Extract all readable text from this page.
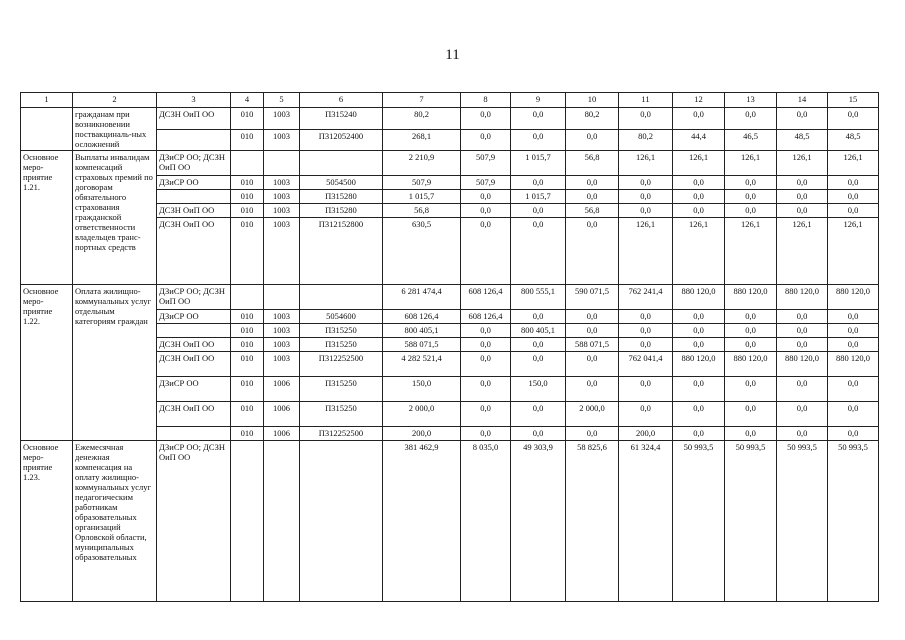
11
1	2	3	4	5	6	7	8	9	10	11	12	13	14	15
	гражданам при возникновении поствакциналь-ных осложнений	ДСЗН ОиП ОО	010	1003	П315240	80,2	0,0	0,0	80,2	0,0	0,0	0,0	0,0	0,0
			010	1003	П312052400	268,1	0,0	0,0	0,0	80,2	44,4	46,5	48,5	48,5
Основное меро-приятие 1.21.	Выплаты инвалидам компенсаций страховых премий по договорам обязательного страхования гражданской ответственности владельцев транс-портных средств	ДЗиСР ОО; ДСЗН ОиП ОО				2 210,9	507,9	1 015,7	56,8	126,1	126,1	126,1	126,1	126,1
		ДЗиСР ОО	010	1003	5054500	507,9	507,9	0,0	0,0	0,0	0,0	0,0	0,0	0,0
			010	1003	П315280	1 015,7	0,0	1 015,7	0,0	0,0	0,0	0,0	0,0	0,0
		ДСЗН ОиП ОО	010	1003	П315280	56,8	0,0	0,0	56,8	0,0	0,0	0,0	0,0	0,0
		ДСЗН ОиП ОО	010	1003	П312152800	630,5	0,0	0,0	0,0	126,1	126,1	126,1	126,1	126,1
Основное меро-приятие 1.22.	Оплата жилищно-коммунальных услуг отдельным категориям граждан	ДЗиСР ОО; ДСЗН ОиП ОО				6 281 474,4	608 126,4	800 555,1	590 071,5	762 241,4	880 120,0	880 120,0	880 120,0	880 120,0
		ДЗиСР ОО	010	1003	5054600	608 126,4	608 126,4	0,0	0,0	0,0	0,0	0,0	0,0	0,0
			010	1003	П315250	800 405,1	0,0	800 405,1	0,0	0,0	0,0	0,0	0,0	0,0
		ДСЗН ОиП ОО	010	1003	П315250	588 071,5	0,0	0,0	588 071,5	0,0	0,0	0,0	0,0	0,0
		ДСЗН ОиП ОО	010	1003	П312252500	4 282 521,4	0,0	0,0	0,0	762 041,4	880 120,0	880 120,0	880 120,0	880 120,0
		ДЗиСР ОО	010	1006	П315250	150,0	0,0	150,0	0,0	0,0	0,0	0,0	0,0	0,0
		ДСЗН ОиП ОО	010	1006	П315250	2 000,0	0,0	0,0	2 000,0	0,0	0,0	0,0	0,0	0,0
			010	1006	П312252500	200,0	0,0	0,0	0,0	200,0	0,0	0,0	0,0	0,0
Основное меро-приятие 1.23.	Ежемесячная денежная компенсация на оплату жилищно-коммунальных услуг педагогическим работникам образовательных организаций Орловской области, муниципальных образовательных	ДЗиСР ОО; ДСЗН ОиП ОО				381 462,9	8 035,0	49 303,9	58 825,6	61 324,4	50 993,5	50 993,5	50 993,5	50 993,5
